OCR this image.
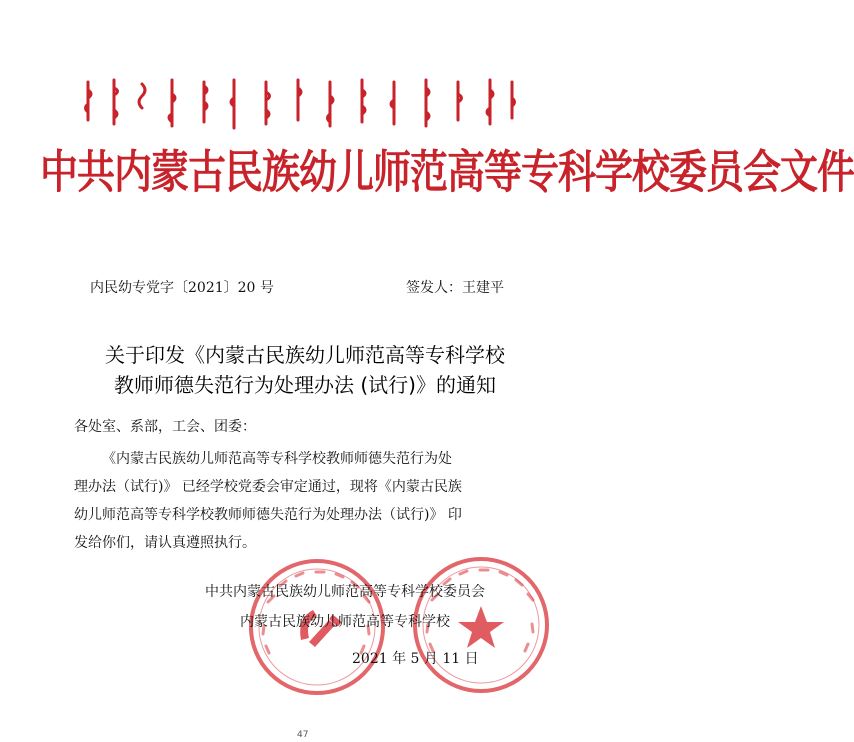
中共内蒙古民族幼儿师范高等专科学校委员会文件
内民幼专党字〔2021〕20 号	签发人：王建平
关于印发《内蒙古民族幼儿师范高等专科学校
教师师德失范行为处理办法 (试行)》的通知
各处室、系部，工会、团委：
《内蒙古民族幼儿师范高等专科学校教师师德失范行为处
理办法（试行)》 已经学校党委会审定通过，现将《内蒙古民族
幼儿师范高等专科学校教师师德失范行为处理办法（试行)》 印
发给你们，请认真遵照执行。
中共内蒙古民族幼儿师范高等专科学校委员会
内蒙古民族幼儿师范高等专科学校
2021 年 5 月 11 日
47
